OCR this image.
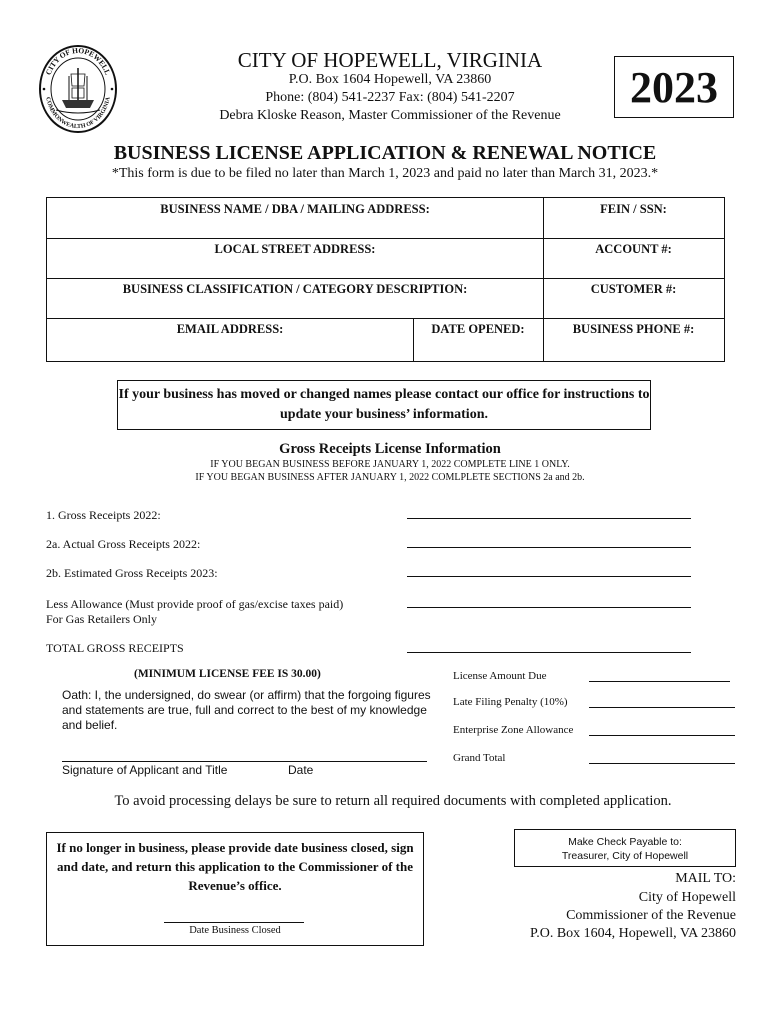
CITY OF HOPEWELL
COMMONWEALTH OF VIRGINIA
CITY OF HOPEWELL, VIRGINIA
P.O. Box 1604 Hopewell, VA 23860
Phone: (804) 541-2237 Fax: (804) 541-2207
Debra Kloske Reason, Master Commissioner of the Revenue
2023
BUSINESS LICENSE APPLICATION & RENEWAL NOTICE
*This form is due to be filed no later than March 1, 2023 and paid no later than March 31, 2023.*
BUSINESS NAME / DBA / MAILING ADDRESS:	FEIN / SSN:
LOCAL STREET ADDRESS:	ACCOUNT #:
BUSINESS CLASSIFICATION / CATEGORY DESCRIPTION:	CUSTOMER #:
EMAIL ADDRESS:	DATE OPENED:	BUSINESS PHONE #:
If your business has moved or changed names please contact our office for instructions to update your business’ information.
Gross Receipts License Information
IF YOU BEGAN BUSINESS BEFORE JANUARY 1, 2022 COMPLETE LINE 1 ONLY.
IF YOU BEGAN BUSINESS AFTER JANUARY 1, 2022 COMLPLETE SECTIONS 2a and 2b.
1. Gross Receipts 2022:
2a. Actual Gross Receipts 2022:
2b. Estimated Gross Receipts 2023:
Less Allowance (Must provide proof of gas/excise taxes paid)
For Gas Retailers Only
TOTAL GROSS RECEIPTS
(MINIMUM LICENSE FEE IS 30.00)
Oath: I, the undersigned, do swear (or affirm) that the forgoing figures and statements are true, full and correct to the best of my knowledge and belief.
Signature of Applicant and Title	Date
License Amount Due
Late Filing Penalty (10%)
Enterprise Zone Allowance
Grand Total
To avoid processing delays be sure to return all required documents with completed application.
If no longer in business, please provide date business closed, sign and date, and return this application to the Commissioner of the Revenue’s office.
Date Business Closed
Make Check Payable to:
Treasurer, City of Hopewell
MAIL TO:
City of Hopewell
Commissioner of the Revenue
P.O. Box 1604, Hopewell, VA 23860
